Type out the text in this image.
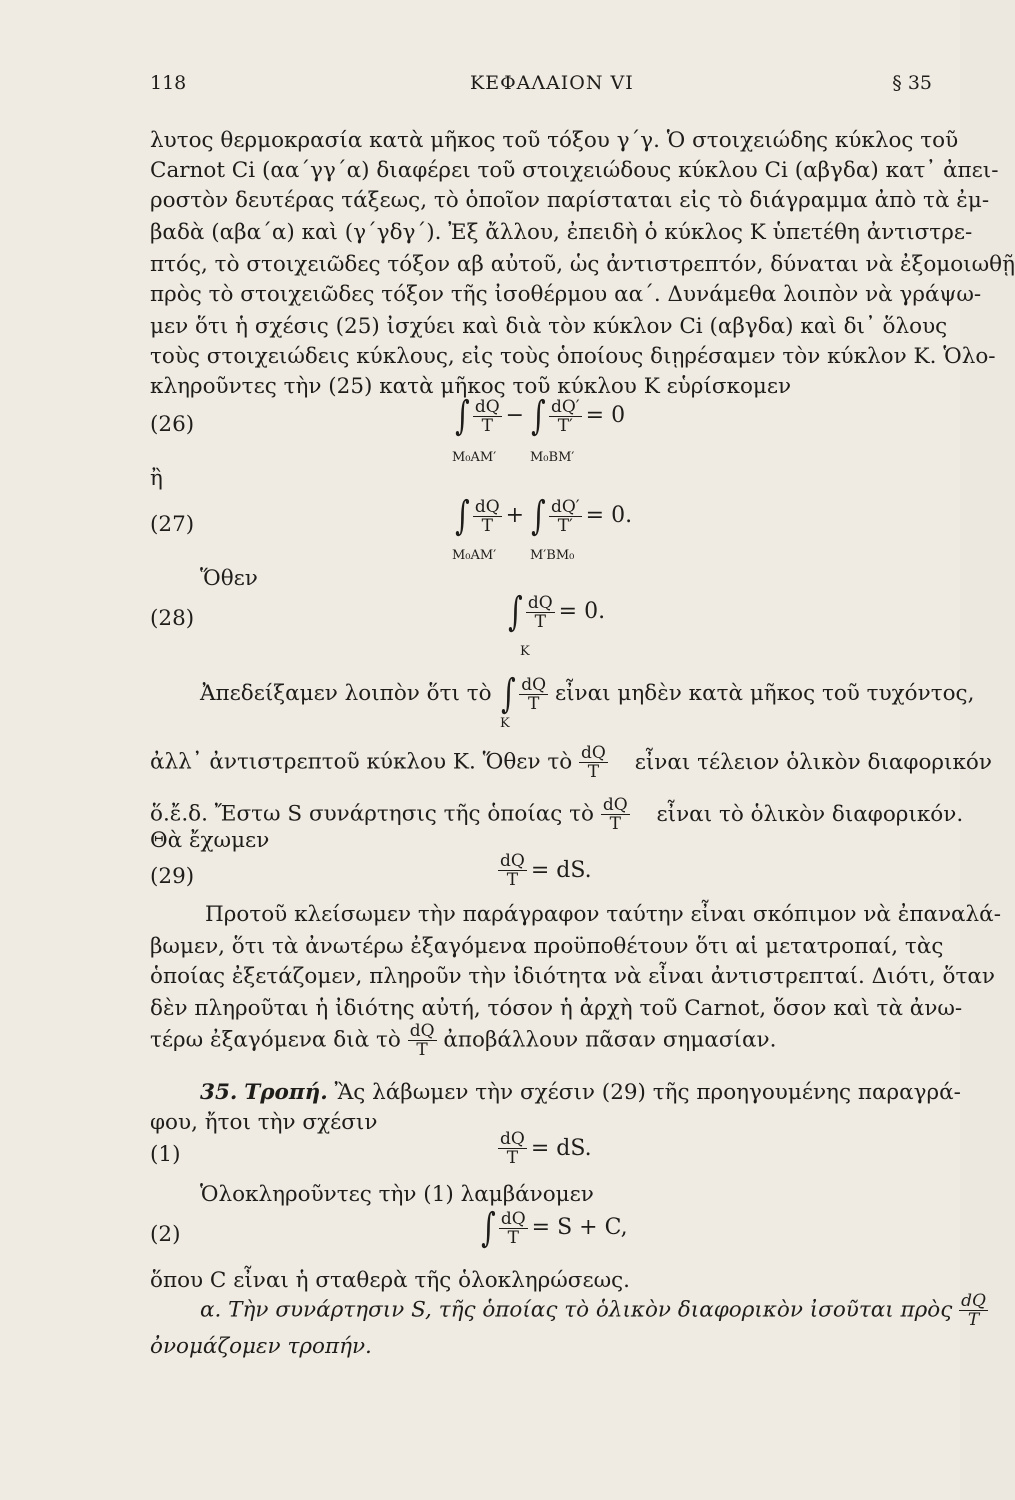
118	ΚΕΦΑΛΑΙΟΝ VI	§ 35
λυτος θερμοκρασία κατὰ μῆκος τοῦ τόξου γ΄γ. Ὁ στοιχειώδης κύκλος τοῦ
Carnot Ci (αα΄γγ΄α) διαφέρει τοῦ στοιχειώδους κύκλου Ci (αβγδα) κατ᾿ ἀπει-
ροστὸν δευτέρας τάξεως, τὸ ὁποῖον παρίσταται εἰς τὸ διάγραμμα ἀπὸ τὰ ἐμ-
βαδὰ (αβα΄α) καὶ (γ΄γδγ΄). Ἐξ ἄλλου, ἐπειδὴ ὁ κύκλος Κ ὑπετέθη ἀντιστρε-
πτός, τὸ στοιχειῶδες τόξον αβ αὐτοῦ, ὡς ἀντιστρεπτόν, δύναται νὰ ἐξομοιωθῇ
πρὸς τὸ στοιχειῶδες τόξον τῆς ἰσοθέρμου αα΄. Δυνάμεθα λοιπὸν νὰ γράψω-
μεν ὅτι ἡ σχέσις (25) ἰσχύει καὶ διὰ τὸν κύκλον Ci (αβγδα) καὶ δι᾿ ὅλους
τοὺς στοιχειώδεις κύκλους, εἰς τοὺς ὁποίους διῃρέσαμεν τὸν κύκλον Κ. Ὁλο-
κληροῦντες τὴν (25) κατὰ μῆκος τοῦ κύκλου Κ εὑρίσκομεν
(26)	∫ $\frac{dQ}{T}$ − ∫ $\frac{dQ'}{T'} = 0$
M₀AM′	M₀BM′
ἢ
(27)	∫ $\frac{dQ}{T}$ + ∫ $\frac{dQ'}{T'} = 0$.
M₀AM′	M′BM₀
Ὅθεν
(28)	∫ $\frac{dQ}{T} = 0$.
K
Ἀπεδείξαμεν λοιπὸν ὅτι τὸ ∫ $\frac{dQ}{T}$ εἶναι μηδὲν κατὰ μῆκος τοῦ τυχόντος,
K
ἀλλ᾿ ἀντιστρεπτοῦ κύκλου Κ. Ὅθεν τὸ $\frac{dQ}{T}$ εἶναι τέλειον ὁλικὸν διαφορικόν
ὅ.ἔ.δ. Ἔστω S συνάρτησις τῆς ὁποίας τὸ $\frac{dQ}{T}$ εἶναι τὸ ὁλικὸν διαφορικόν.
Θὰ ἔχωμεν
(29)	$\frac{dQ}{T}$ = dS.
Προτοῦ κλείσωμεν τὴν παράγραφον ταύτην εἶναι σκόπιμον νὰ ἐπαναλά-
βωμεν, ὅτι τὰ ἀνωτέρω ἐξαγόμενα προϋποθέτουν ὅτι αἱ μετατροπαί, τὰς
ὁποίας ἐξετάζομεν, πληροῦν τὴν ἰδιότητα νὰ εἶναι ἀντιστρεπταί. Διότι, ὅταν
δὲν πληροῦται ἡ ἰδιότης αὐτή, τόσον ἡ ἀρχὴ τοῦ Carnot, ὅσον καὶ τὰ ἀνω-
τέρω ἐξαγόμενα διὰ τὸ $\frac{dQ}{T}$ ἀποβάλλουν πᾶσαν σημασίαν.
35. Τροπή. Ἂς λάβωμεν τὴν σχέσιν (29) τῆς προηγουμένης παραγρά-
φου, ἤτοι τὴν σχέσιν
(1)	$\frac{dQ}{T}$ = dS.
Ὁλοκληροῦντες τὴν (1) λαμβάνομεν
(2)	∫ $\frac{dQ}{T} = S + C$,
ὅπου C εἶναι ἡ σταθερὰ τῆς ὁλοκληρώσεως.
α. Τὴν συνάρτησιν S, τῆς ὁποίας τὸ ὁλικὸν διαφορικὸν ἰσοῦται πρὸς $\frac{dQ}{T}$
ὀνομάζομεν τροπήν.
